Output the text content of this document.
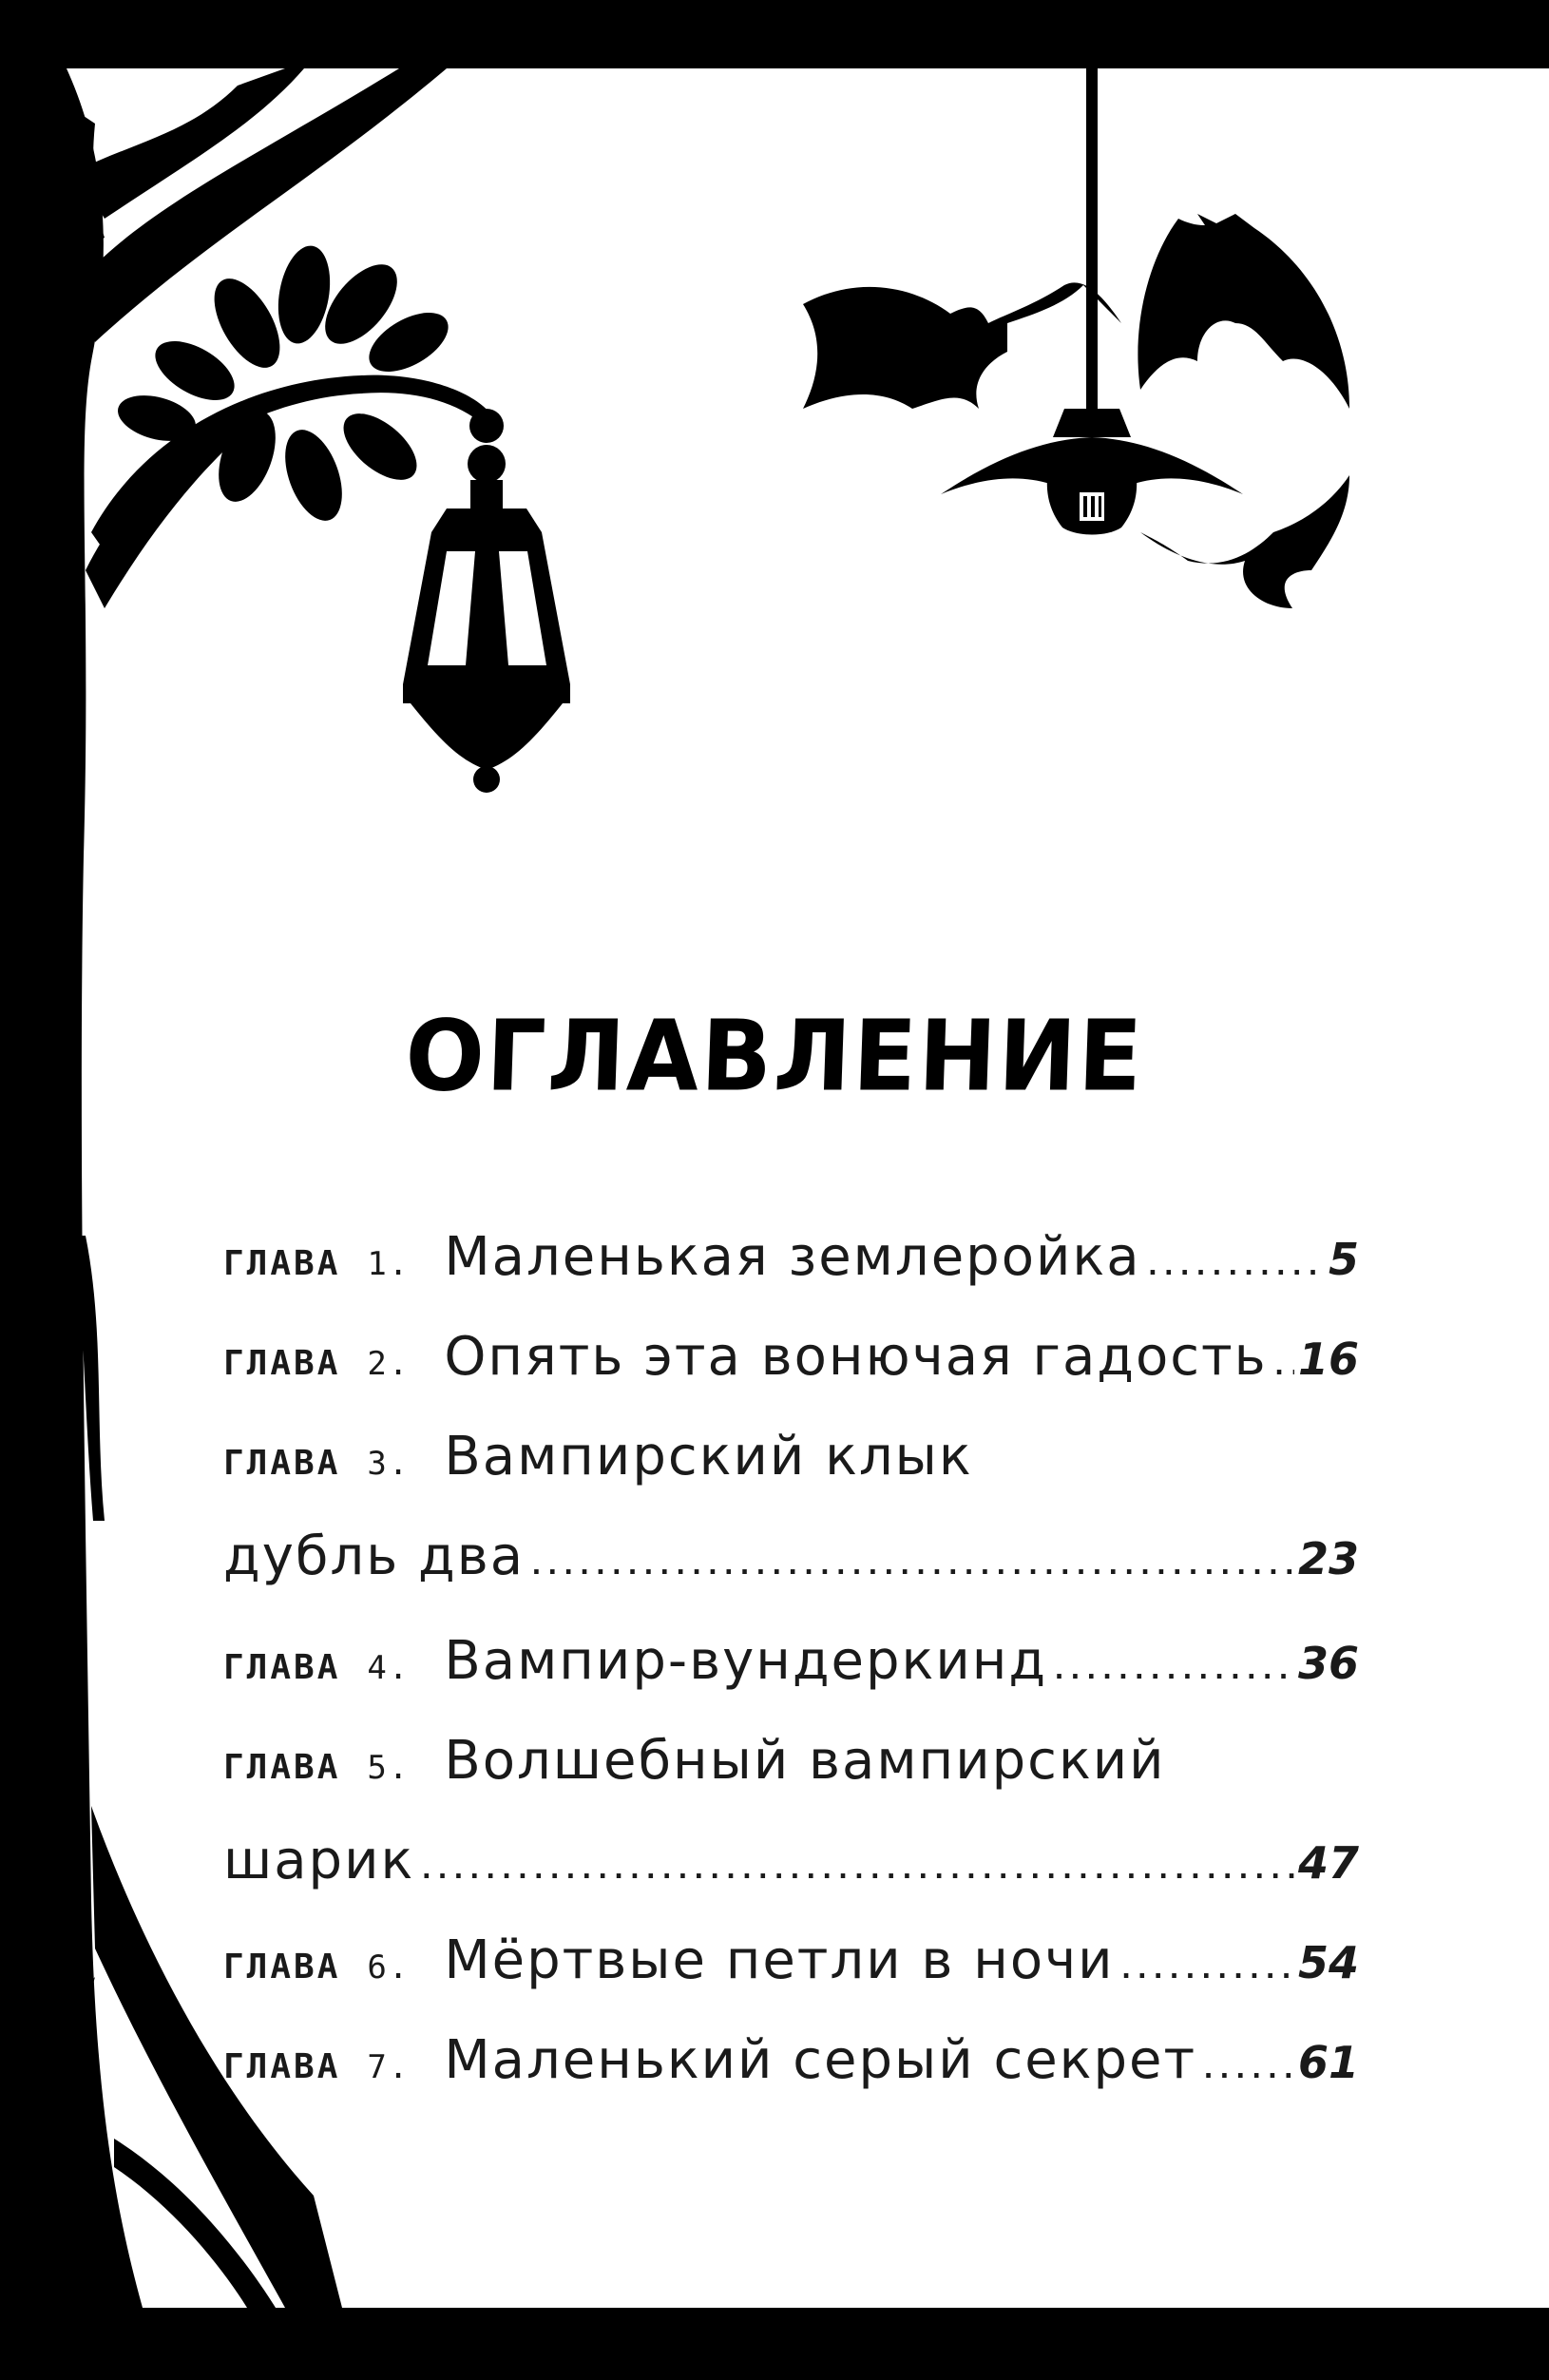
ОГЛАВЛЕНИЕ
ГЛАВА 1. Маленькая землеройка .....	5
ГЛАВА 2. Опять эта вонючая гадость ..... 16
ГЛАВА 3. Вампирский клык
дубль два .....	23
ГЛАВА 4. Вампир-вундеркинд .....	36
ГЛАВА 5. Волшебный вампирский
шарик .....	47
ГЛАВА 6. Мёртвые петли в ночи .....	54
ГЛАВА 7. Маленький серый секрет ..... 61
